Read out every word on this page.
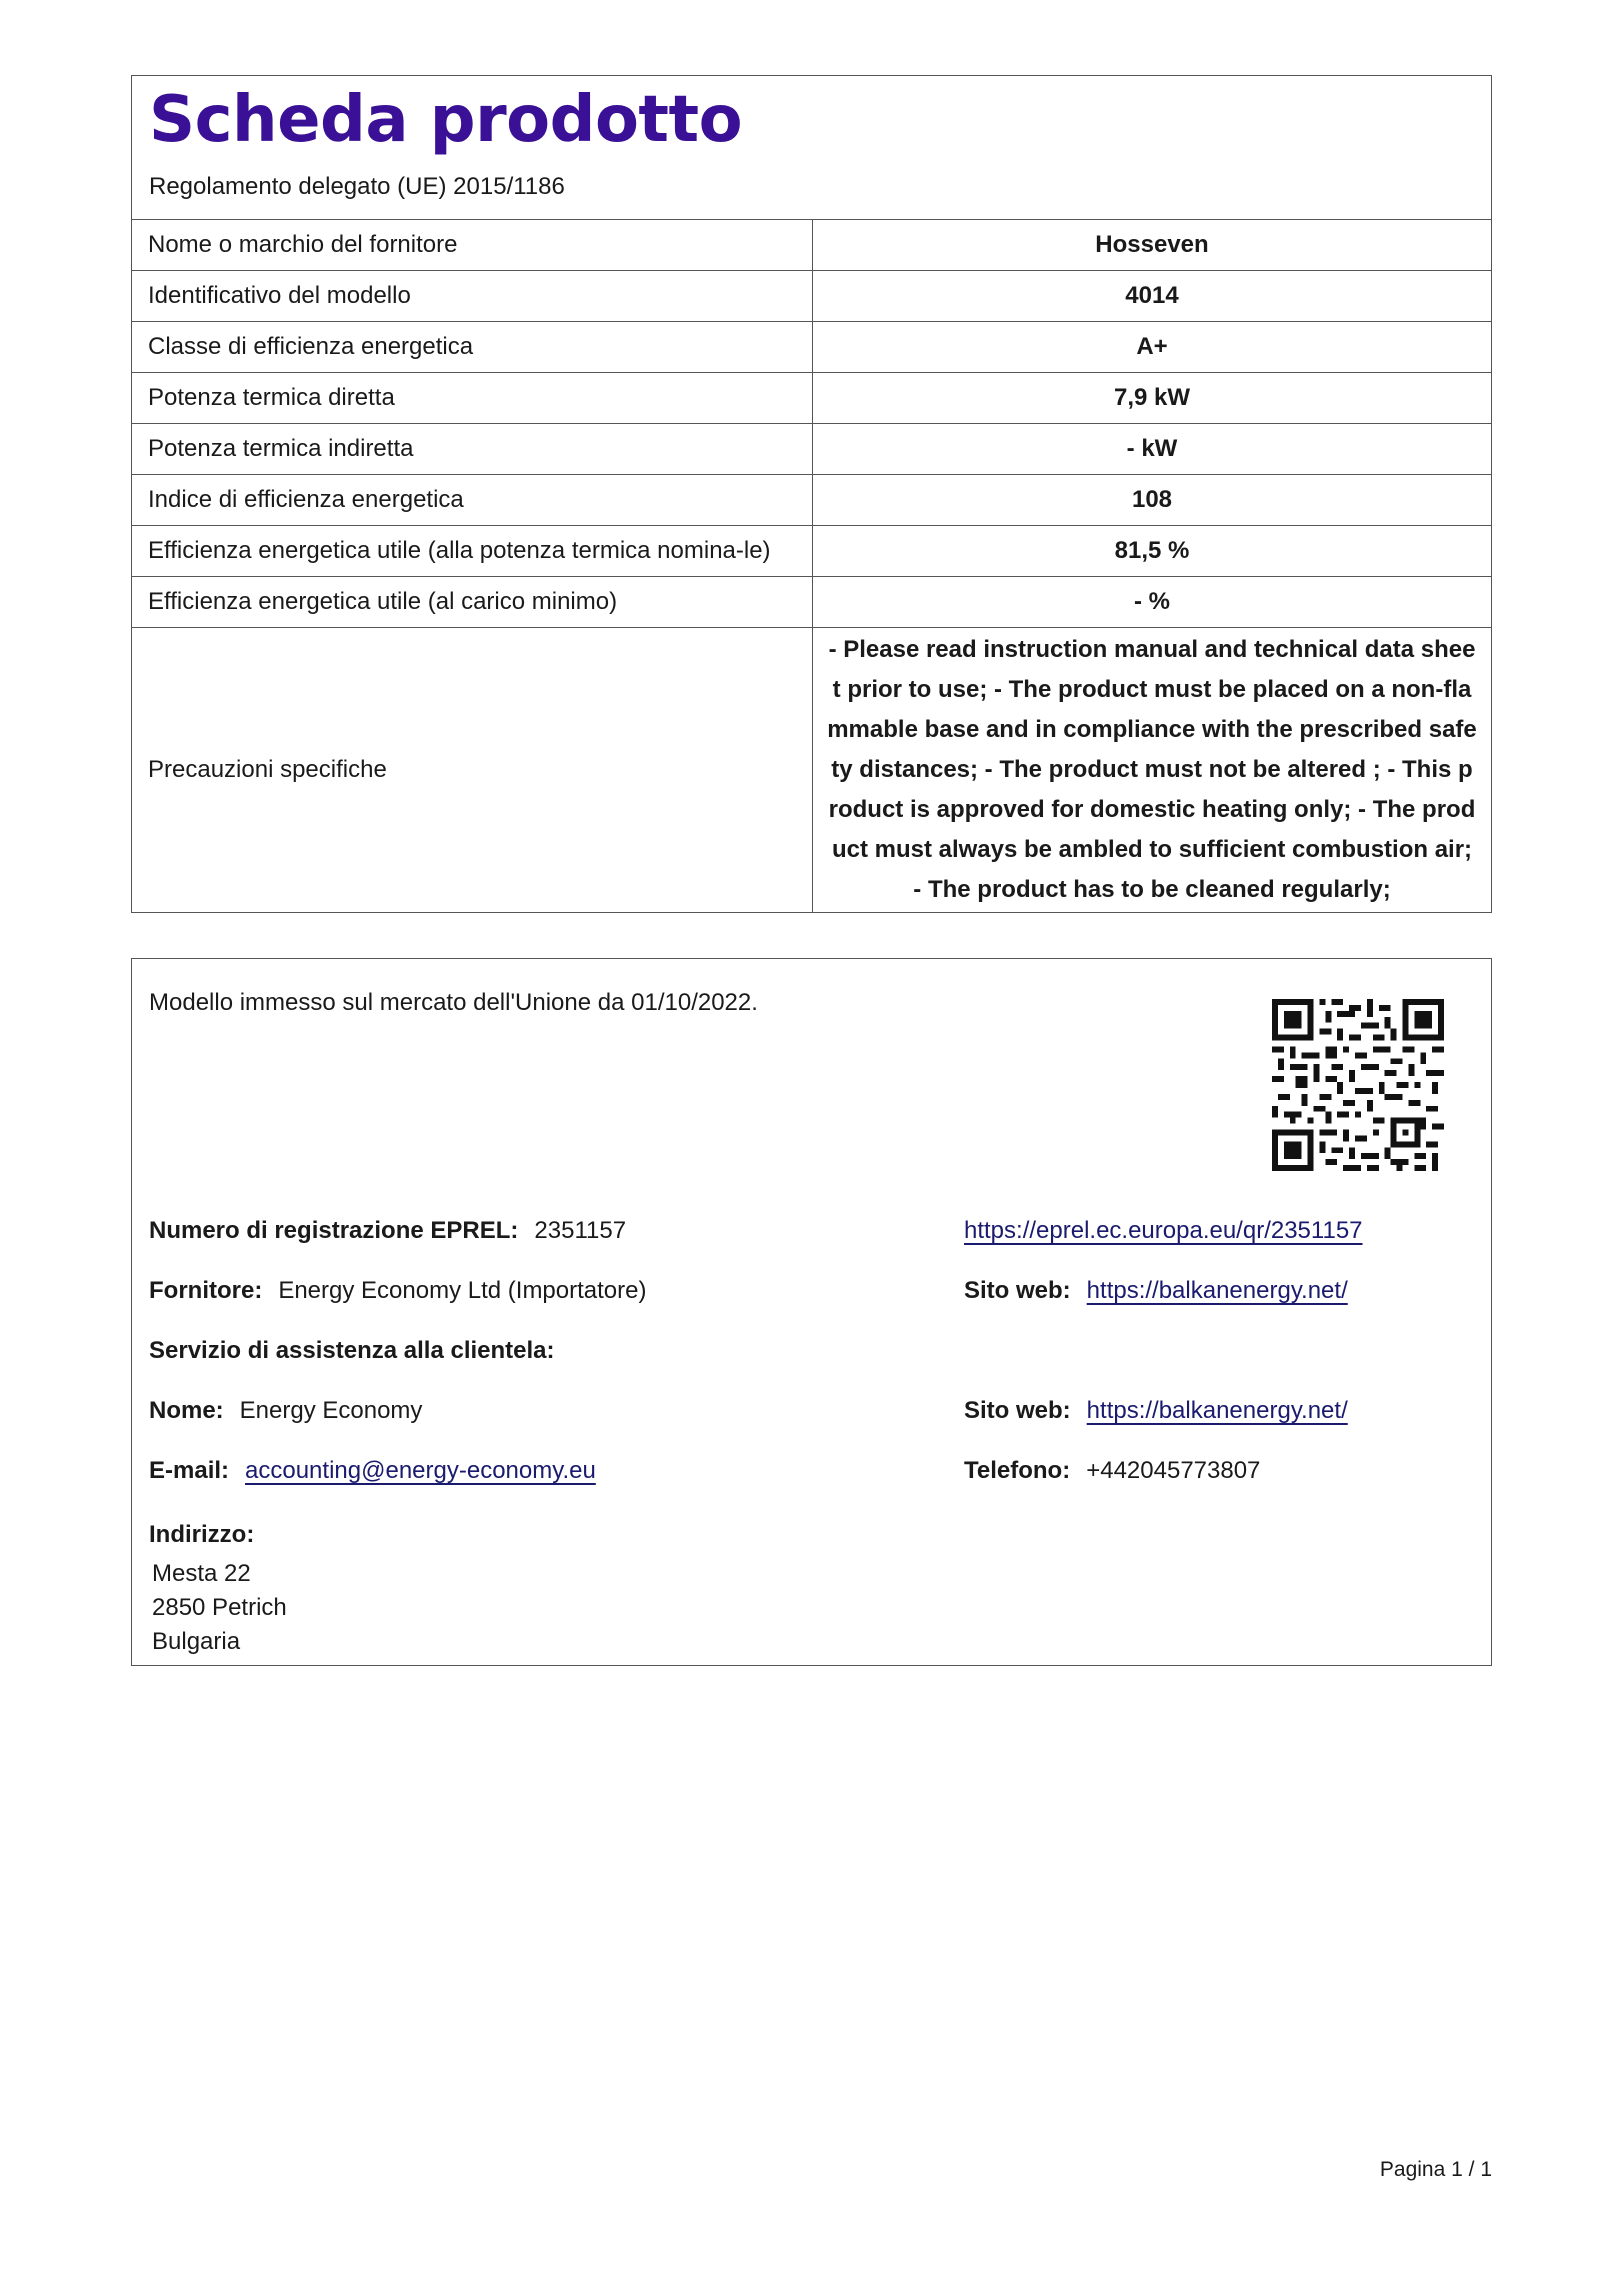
Scheda prodotto
Regolamento delegato (UE) 2015/1186
Nome o marchio del fornitore	Hosseven
Identificativo del modello	4014
Classe di efficienza energetica	A+
Potenza termica diretta	7,9 kW
Potenza termica indiretta	- kW
Indice di efficienza energetica	108
Efficienza energetica utile (alla potenza termica nomina-le)	81,5 %
Efficienza energetica utile (al carico minimo)	- %
Precauzioni specifiche	- Please read instruction manual and technical data sheet prior to use; - The product must be placed on a non-flammable base and in compliance with the prescribed safety distances; - The product must not be altered ; - This product is approved for domestic heating only; - The product must always be ambled to sufficient combustion air; - The product has to be cleaned regularly;
Modello immesso sul mercato dell'Unione da 01/10/2022.
Numero di registrazione EPREL: 2351157	https://eprel.ec.europa.eu/qr/2351157
Fornitore: Energy Economy Ltd (Importatore)	Sito web: https://balkanenergy.net/
Servizio di assistenza alla clientela:
Nome: Energy Economy	Sito web: https://balkanenergy.net/
E-mail: accounting@energy-economy.eu	Telefono: +442045773807
Indirizzo:
Mesta 22
2850 Petrich
Bulgaria
Pagina 1 / 1
